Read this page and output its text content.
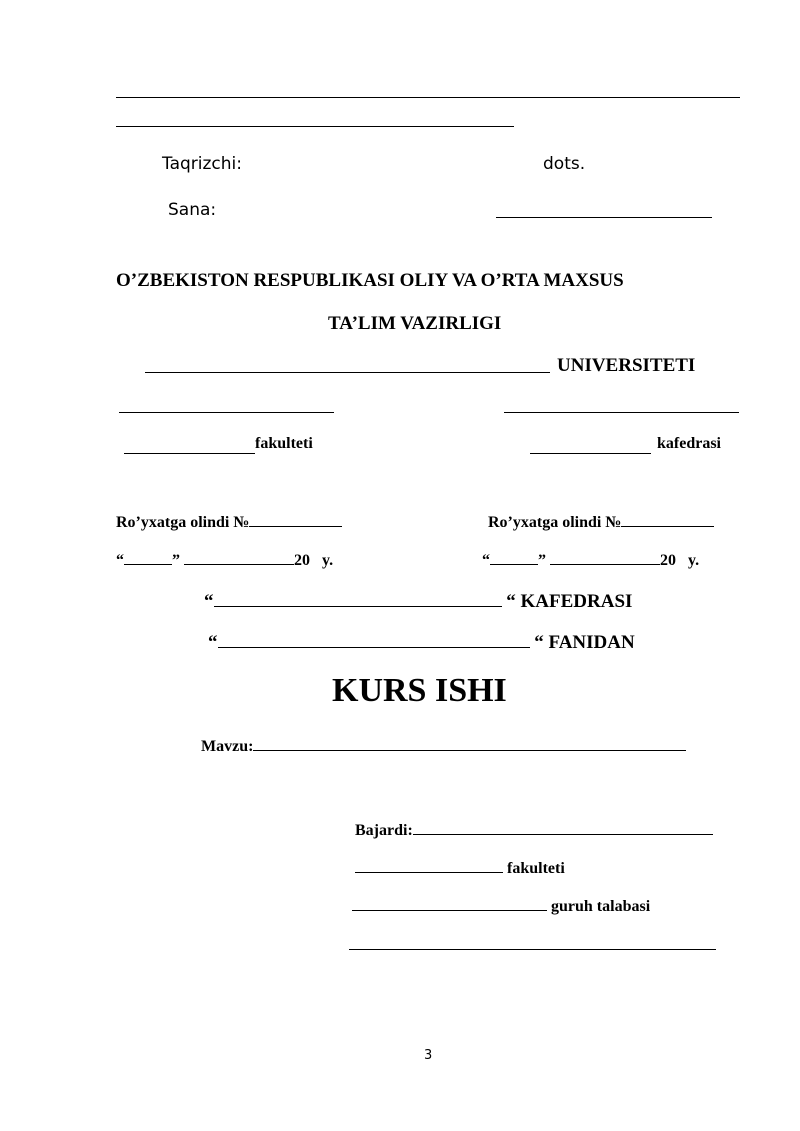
Taqrizchi:	dots.
Sana:
O’ZBEKISTON RESPUBLIKASI OLIY VA O’RTA MAXSUS
TA’LIM VAZIRLIGI
UNIVERSITETI
fakulteti	kafedrasi
Ro’yxatga olindi №	Ro’yxatga olindi №
“	”	20 y.	“	”	20 y.
“	“ KAFEDRASI
“	“ FANIDAN
KURS ISHI
Mavzu:
Bajardi:
fakulteti
guruh talabasi
3
